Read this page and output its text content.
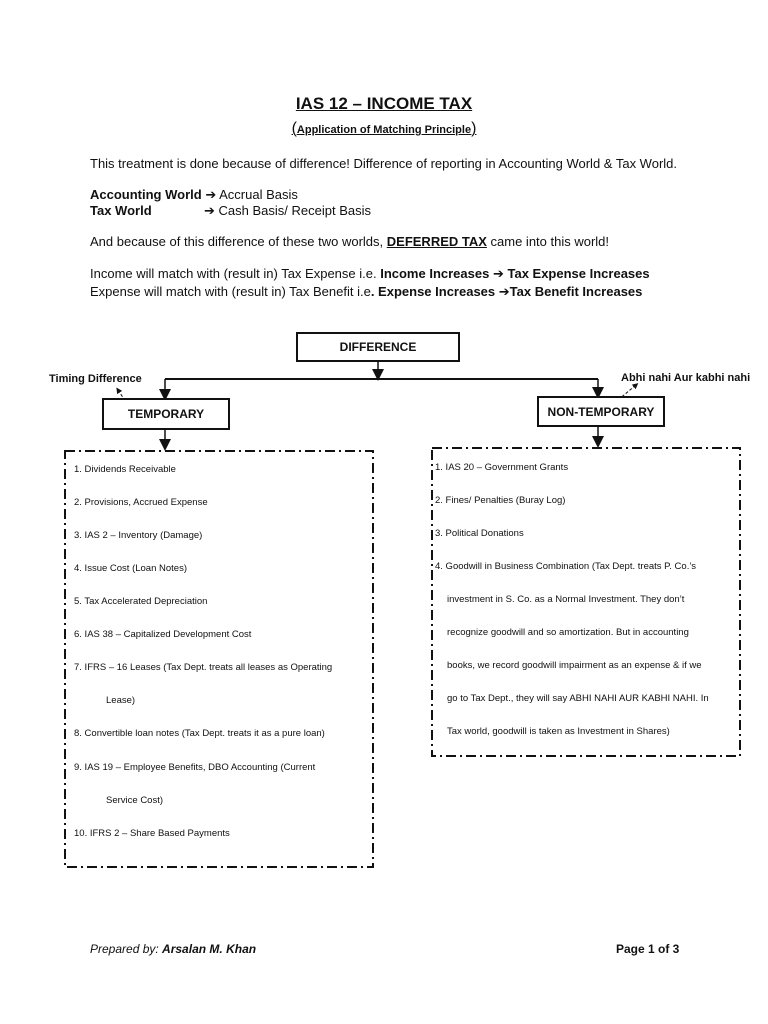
IAS 12 – INCOME TAX
(Application of Matching Principle)
This treatment is done because of difference! Difference of reporting in Accounting World & Tax World.
Accounting World ➔ Accrual Basis
Tax World	➔ Cash Basis/ Receipt Basis
And because of this difference of these two worlds, DEFERRED TAX came into this world!
Income will match with (result in) Tax Expense i.e. Income Increases ➔ Tax Expense Increases
Expense will match with (result in) Tax Benefit i.e. Expense Increases ➔Tax Benefit Increases
DIFFERENCE
TEMPORARY	NON-TEMPORARY
Timing Difference	Abhi nahi Aur kabhi nahi
1. Dividends Receivable
2. Provisions, Accrued Expense
3. IAS 2 – Inventory (Damage)
4. Issue Cost (Loan Notes)
5. Tax Accelerated Depreciation
6. IAS 38 – Capitalized Development Cost
7. IFRS – 16 Leases (Tax Dept. treats all leases as Operating
Lease)
8. Convertible loan notes (Tax Dept. treats it as a pure loan)
9. IAS 19 – Employee Benefits, DBO Accounting (Current
Service Cost)
10. IFRS 2 – Share Based Payments
1. IAS 20 – Government Grants
2. Fines/ Penalties (Buray Log)
3. Political Donations
4. Goodwill in Business Combination (Tax Dept. treats P. Co.’s
investment in S. Co. as a Normal Investment. They don’t
recognize goodwill and so amortization. But in accounting
books, we record goodwill impairment as an expense & if we
go to Tax Dept., they will say ABHI NAHI AUR KABHI NAHI. In
Tax world, goodwill is taken as Investment in Shares)
Prepared by: Arsalan M. Khan	Page 1 of 3
